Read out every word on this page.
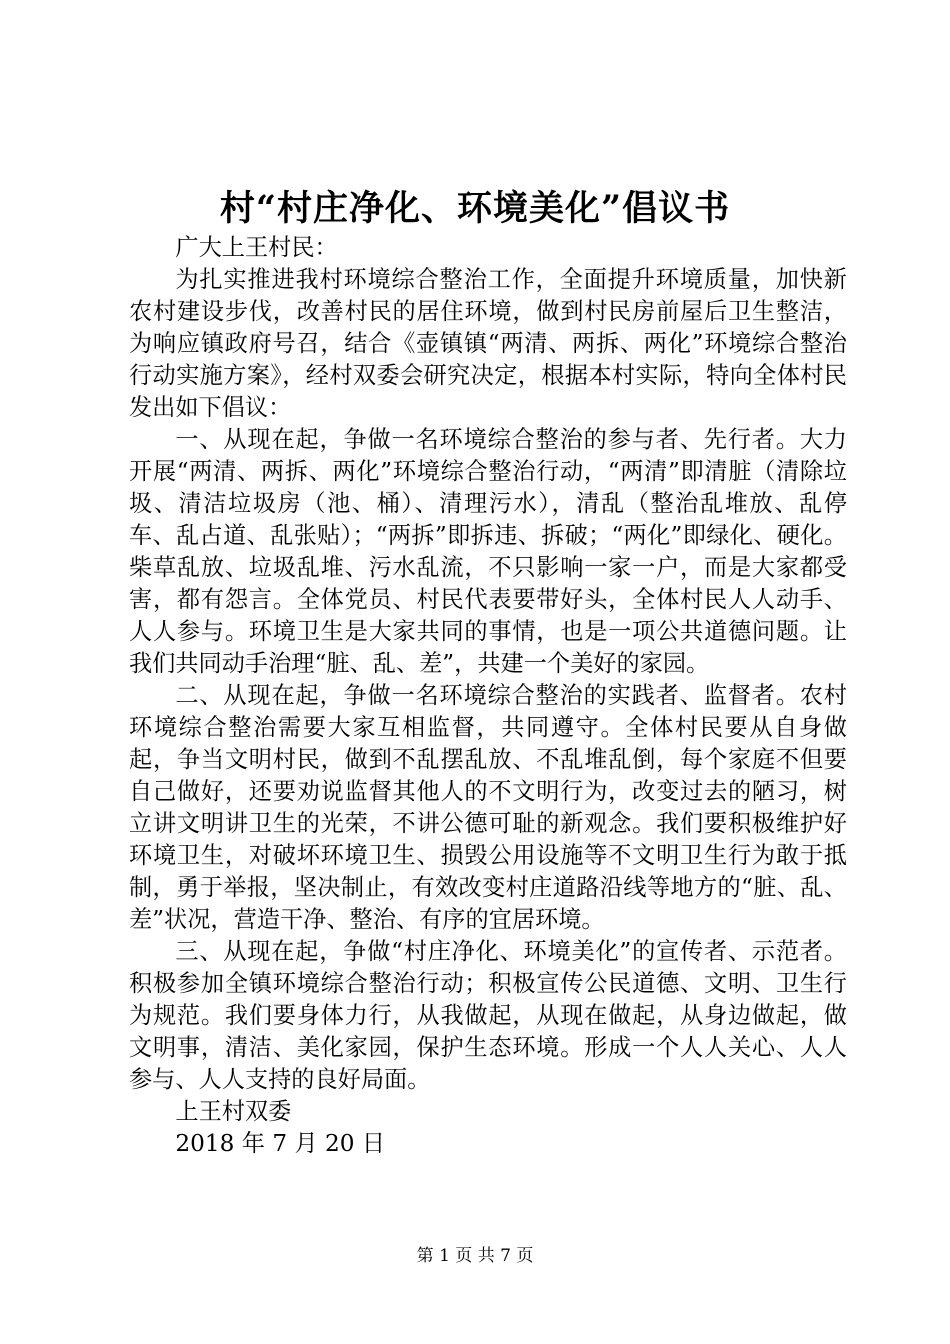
村“村庄净化、环境美化”倡议书

广大上王村民：

为扎实推进我村环境综合整治工作，全面提升环境质量，加快新农村建设步伐，改善村民的居住环境，做到村民房前屋后卫生整洁，为响应镇政府号召，结合《壶镇镇“两清、两拆、两化”环境综合整治行动实施方案》，经村双委会研究决定，根据本村实际，特向全体村民发出如下倡议：

一、从现在起，争做一名环境综合整治的参与者、先行者。大力开展“两清、两拆、两化”环境综合整治行动，“两清”即清脏（清除垃圾、清洁垃圾房（池、桶）、清理污水），清乱（整治乱堆放、乱停车、乱占道、乱张贴）；“两拆”即拆违、拆破；“两化”即绿化、硬化。柴草乱放、垃圾乱堆、污水乱流，不只影响一家一户，而是大家都受害，都有怨言。全体党员、村民代表要带好头，全体村民人人动手、人人参与。环境卫生是大家共同的事情，也是一项公共道德问题。让我们共同动手治理“脏、乱、差”，共建一个美好的家园。

二、从现在起，争做一名环境综合整治的实践者、监督者。农村环境综合整治需要大家互相监督，共同遵守。全体村民要从自身做起，争当文明村民，做到不乱摆乱放、不乱堆乱倒，每个家庭不但要自己做好，还要劝说监督其他人的不文明行为，改变过去的陋习，树立讲文明讲卫生的光荣，不讲公德可耻的新观念。我们要积极维护好环境卫生，对破坏环境卫生、损毁公用设施等不文明卫生行为敢于抵制，勇于举报，坚决制止，有效改变村庄道路沿线等地方的“脏、乱、差”状况，营造干净、整治、有序的宜居环境。

三、从现在起，争做“村庄净化、环境美化”的宣传者、示范者。积极参加全镇环境综合整治行动；积极宣传公民道德、文明、卫生行为规范。我们要身体力行，从我做起，从现在做起，从身边做起，做文明事，清洁、美化家园，保护生态环境。形成一个人人关心、人人参与、人人支持的良好局面。

上王村双委

2018 年 7 月 20 日

第 1 页 共 7 页
